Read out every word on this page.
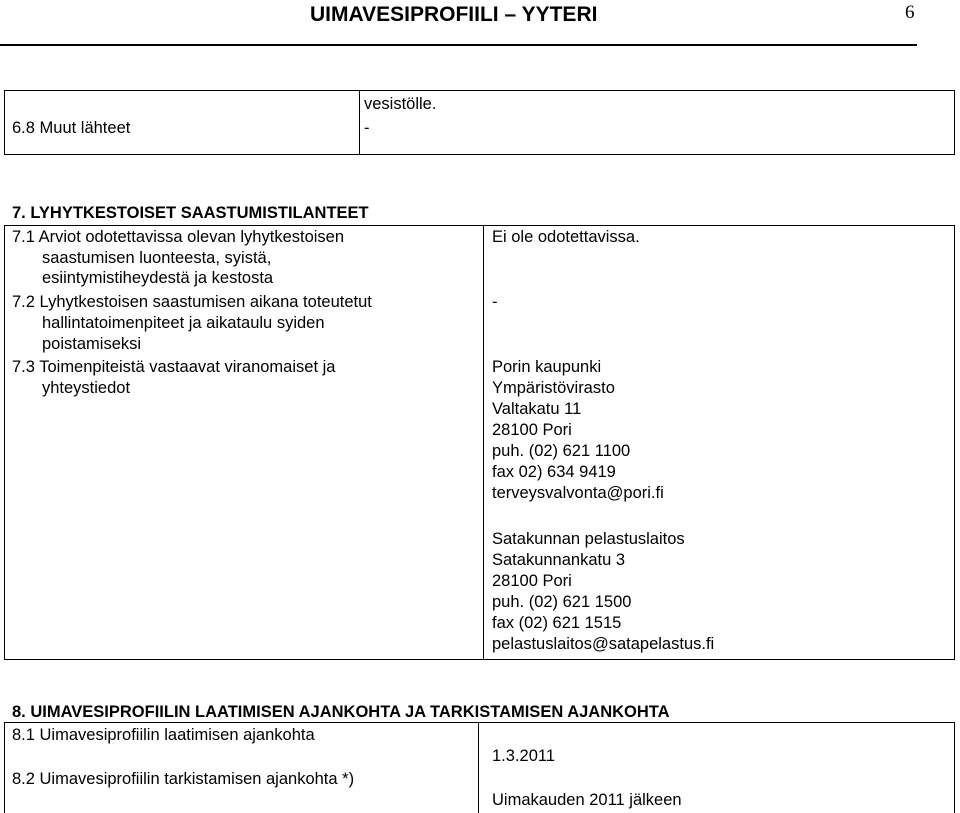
UIMAVESIPROFIILI – YYTERI	6
vesistölle.
6.8 Muut lähteet	-
7. LYHYTKESTOISET SAASTUMISTILANTEET
7.1 Arviot odotettavissa olevan lyhytkestoisen
saastumisen luonteesta, syistä,
esiintymistiheydestä ja kestosta
Ei ole odotettavissa.
7.2 Lyhytkestoisen saastumisen aikana toteutetut
hallintatoimenpiteet ja aikataulu syiden
poistamiseksi
-
7.3 Toimenpiteistä vastaavat viranomaiset ja
yhteystiedot
Porin kaupunki
Ympäristövirasto
Valtakatu 11
28100 Pori
puh. (02) 621 1100
fax 02) 634 9419
terveysvalvonta@pori.fi
Satakunnan pelastuslaitos
Satakunnankatu 3
28100 Pori
puh. (02) 621 1500
fax (02) 621 1515
pelastuslaitos@satapelastus.fi
8. UIMAVESIPROFIILIN LAATIMISEN AJANKOHTA JA TARKISTAMISEN AJANKOHTA
8.1 Uimavesiprofiilin laatimisen ajankohta
1.3.2011
8.2 Uimavesiprofiilin tarkistamisen ajankohta *)
Uimakauden 2011 jälkeen
